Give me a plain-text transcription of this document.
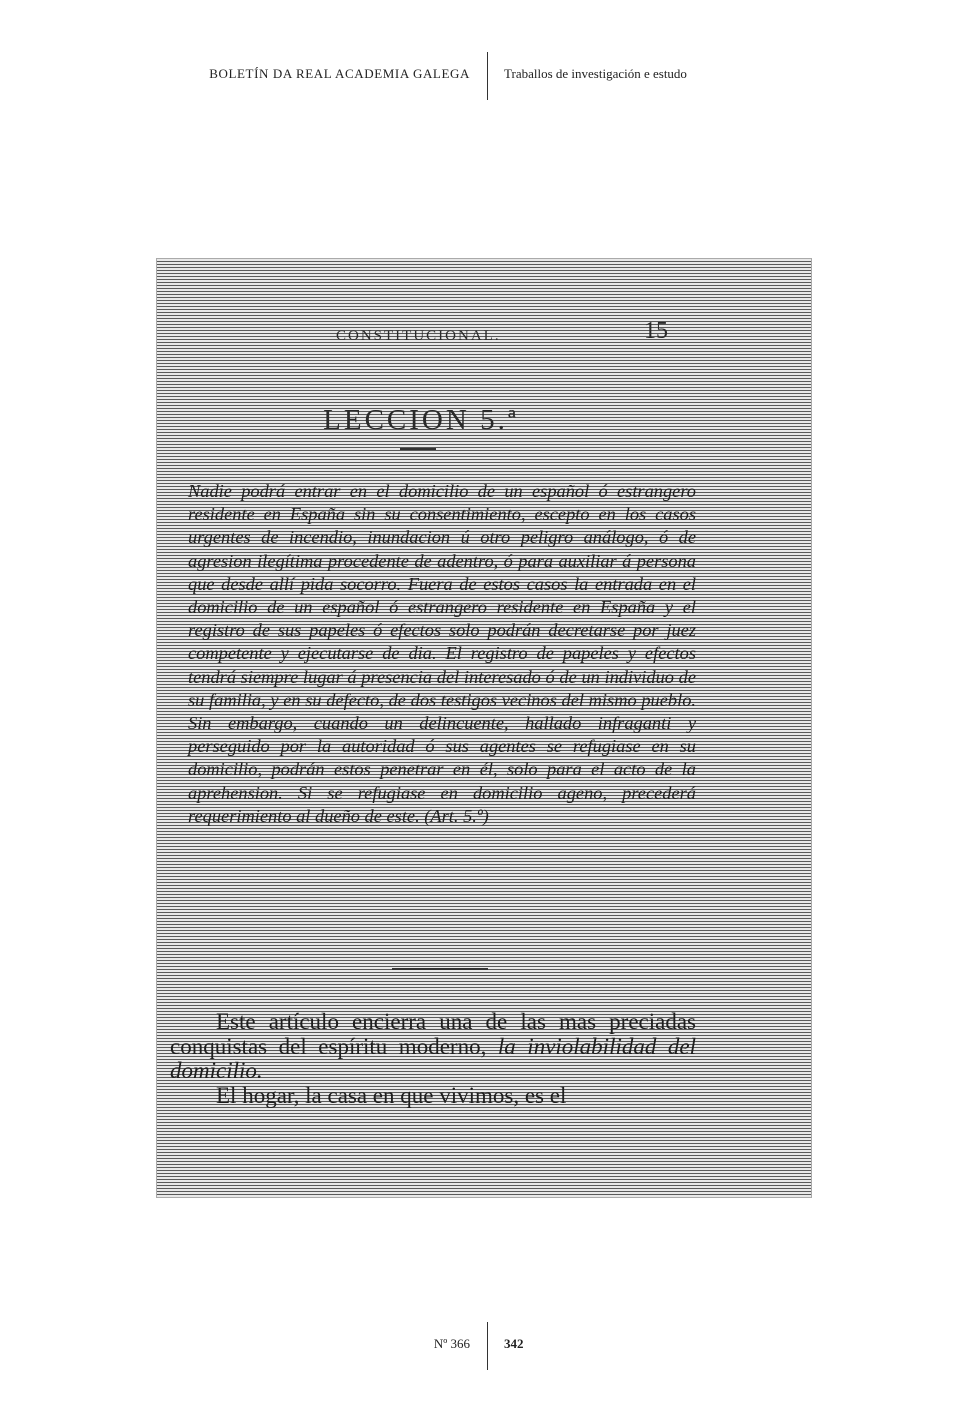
BOLETÍN DA REAL ACADEMIA GALEGA	Traballos de investigación e estudo
CONSTITUCIONAL.	15
LECCION 5.ª
Nadie podrá entrar en el domicilio de un español ó estrangero residente en España sin su consentimiento, escepto en los casos urgentes de incendio, inundacion ú otro peligro análogo, ó de agresion ilegítima procedente de adentro, ó para auxiliar á persona que desde allí pida socorro. Fuera de estos casos la entrada en el domicilio de un español ó estrangero residente en España y el registro de sus papeles ó efectos solo podrán decretarse por juez competente y ejecutarse de dia. El registro de papeles y efectos tendrá siempre lugar á presencia del interesado ó de un individuo de su familia, y en su defecto, de dos testigos vecinos del mismo pueblo. Sin embargo, cuando un delincuente, hallado infraganti y perseguido por la autoridad ó sus agentes se refugiase en su domicilio, podrán estos penetrar en él, solo para el acto de la aprehension. Si se refugiase en domicilio ageno, precederá requerimiento al dueño de este. (Art. 5.º)

Este artículo encierra una de las mas preciadas conquistas del espíritu moderno, la inviolabilidad del domicilio.

El hogar, la casa en que vivimos, es el

Nº 366	342
